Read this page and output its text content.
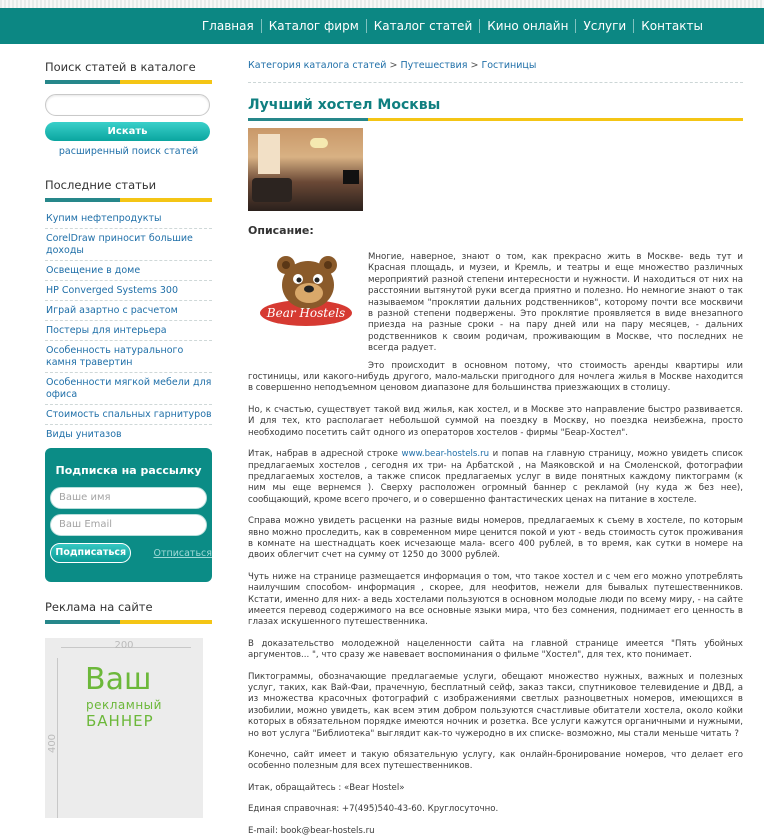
Главная	Каталог фирм	Каталог статей	Кино онлайн	Услуги	Контакты
Поиск статей в каталоге
Искать
расширенный поиск статей
Последние статьи
Купим нефтепродукты
CorelDraw приносит большие доходы
Освещение в доме
HP Converged Systems 300
Играй азартно с расчетом
Постеры для интерьера
Особенность натурального камня травертин
Особенности мягкой мебели для офиса
Стоимость спальных гарнитуров
Виды унитазов
Подписка на рассылку
Ваше имя
Ваш Email
Подписаться	Отписаться
Реклама на сайте
200
400
Ваш
рекламный
БАННЕР
Категория каталога статей > Путешествия > Гостиницы
Лучший хостел Москвы
Описание:
Bear Hostels
Многие, наверное, знают о том, как прекрасно жить в Москве- ведь тут и Красная площадь, и музеи, и Кремль, и театры и еще множество различных мероприятий разной степени интересности и нужности. И находиться от них на расстоянии вытянутой руки всегда приятно и полезно. Но немногие знают о так называемом "проклятии дальних родственников", которому почти все москвичи в разной степени подвержены. Это проклятие проявляется в виде внезапного приезда на разные сроки - на пару дней или на пару месяцев, - дальних родственников к своим родичам, проживающим в Москве, что последних не всегда радует.
Это происходит в основном потому, что стоимость аренды квартиры или гостиницы, или какого-нибудь другого, мало-мальски пригодного для ночлега жилья в Москве находится в совершенно неподъемном ценовом диапазоне для большинства приезжающих в столицу.
Но, к счастью, существует такой вид жилья, как хостел, и в Москве это направление быстро развивается. И для тех, кто располагает небольшой суммой на поездку в Москву, но поездка неизбежна, просто необходимо посетить сайт одного из операторов хостелов - фирмы "Беар-Хостел".
Итак, набрав в адресной строке www.bear-hostels.ru и попав на главную страницу, можно увидеть список предлагаемых хостелов , сегодня их три- на Арбатской , на Маяковской и на Смоленской, фотографии предлагаемых хостелов, а также список предлагаемых услуг в виде понятных каждому пиктограмм (к ним мы еще вернемся ). Сверху расположен огромный баннер с рекламой (ну куда ж без нее), сообщающий, кроме всего прочего, и о совершенно фантастических ценах на питание в хостеле.
Справа можно увидеть расценки на разные виды номеров, предлагаемых к съему в хостеле, по которым явно можно проследить, как в современном мире ценится покой и уют - ведь стоимость суток проживания в комнате на шестнадцать коек исчезающе мала- всего 400 рублей, в то время, как сутки в номере на двоих облегчит счет на сумму от 1250 до 3000 рублей.
Чуть ниже на странице размещается информация о том, что такое хостел и с чем его можно употреблять наилучшим способом- информация , скорее, для неофитов, нежели для бывалых путешественников. Кстати, именно для них- а ведь хостелами пользуются в основном молодые люди по всему миру, - на сайте имеется перевод содержимого на все основные языки мира, что без сомнения, поднимает его ценность в глазах искушенного путешественника.
В доказательство молодежной нацеленности сайта на главной странице имеется "Пять убойных аргументов... ", что сразу же навевает воспоминания о фильме "Хостел", для тех, кто понимает.
Пиктограммы, обозначающие предлагаемые услуги, обещают множество нужных, важных и полезных услуг, таких, как Вай-Фаи, прачечную, бесплатный сейф, заказ такси, спутниковое телевидение и ДВД, а из множества красочных фотографий с изображениями светлых разноцветных номеров, имеющихся в изобилии, можно увидеть, как всем этим добром пользуются счастливые обитатели хостела, около койки которых в обязательном порядке имеются ночник и розетка. Все услуги кажутся органичными и нужными, но вот услуга "Библиотека" выглядит как-то чужеродно в их списке- возможно, мы стали меньше читать ?
Конечно, сайт имеет и такую обязательную услугу, как онлайн-бронирование номеров, что делает его особенно полезным для всех путешественников.
Итак, обращайтесь : «Bear Hostel»
Единая справочная: +7(495)540-43-60. Круглосуточно.
E-mail: book@bear-hostels.ru
